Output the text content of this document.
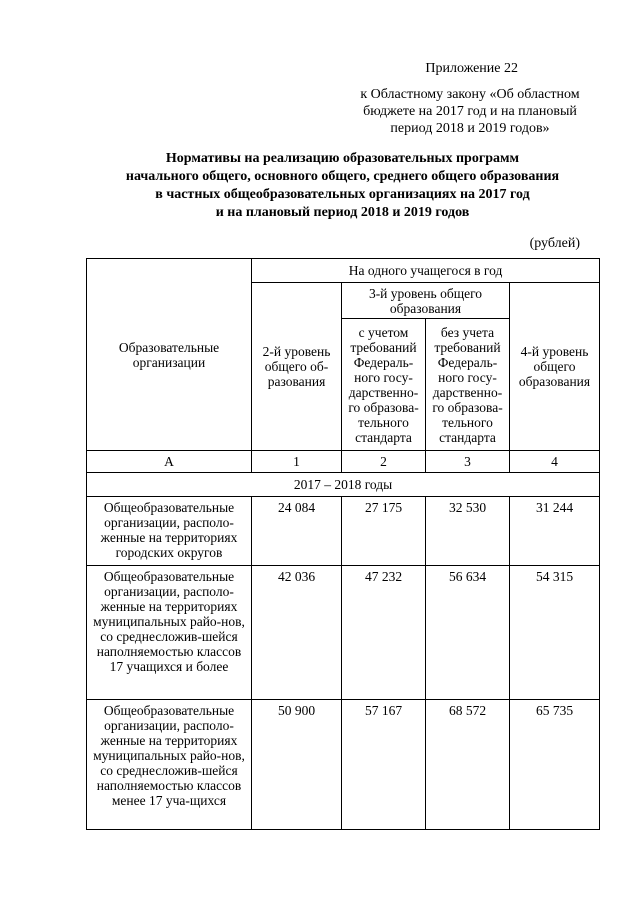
Приложение 22
к Областному закону «Об областном
бюджете на 2017 год и на плановый
период 2018 и 2019 годов»
Нормативы на реализацию образовательных программ
начального общего, основного общего, среднего общего образования
в частных общеобразовательных организациях на 2017 год
и на плановый период 2018 и 2019 годов
(рублей)
Образовательные организации	На одного учащегося в год			
	2-й уровень общего об-разования	3-й уровень общего образования		4-й уровень общего образования
		с учетом требований Федераль-ного госу-дарственно-го образова-тельного стандарта	без учета требований Федераль-ного госу-дарственно-го образова-тельного стандарта	
А	1	2	3	4
2017 – 2018 годы				
Общеобразовательные организации, располо-женные на территориях городских округов	24 084	27 175	32 530	31 244
Общеобразовательные организации, располо-женные на территориях муниципальных райо-нов, со среднесложив-шейся наполняемостью классов 17 учащихся и более	42 036	47 232	56 634	54 315
Общеобразовательные организации, располо-женные на территориях муниципальных райо-нов, со среднесложив-шейся наполняемостью классов менее 17 уча-щихся	50 900	57 167	68 572	65 735
